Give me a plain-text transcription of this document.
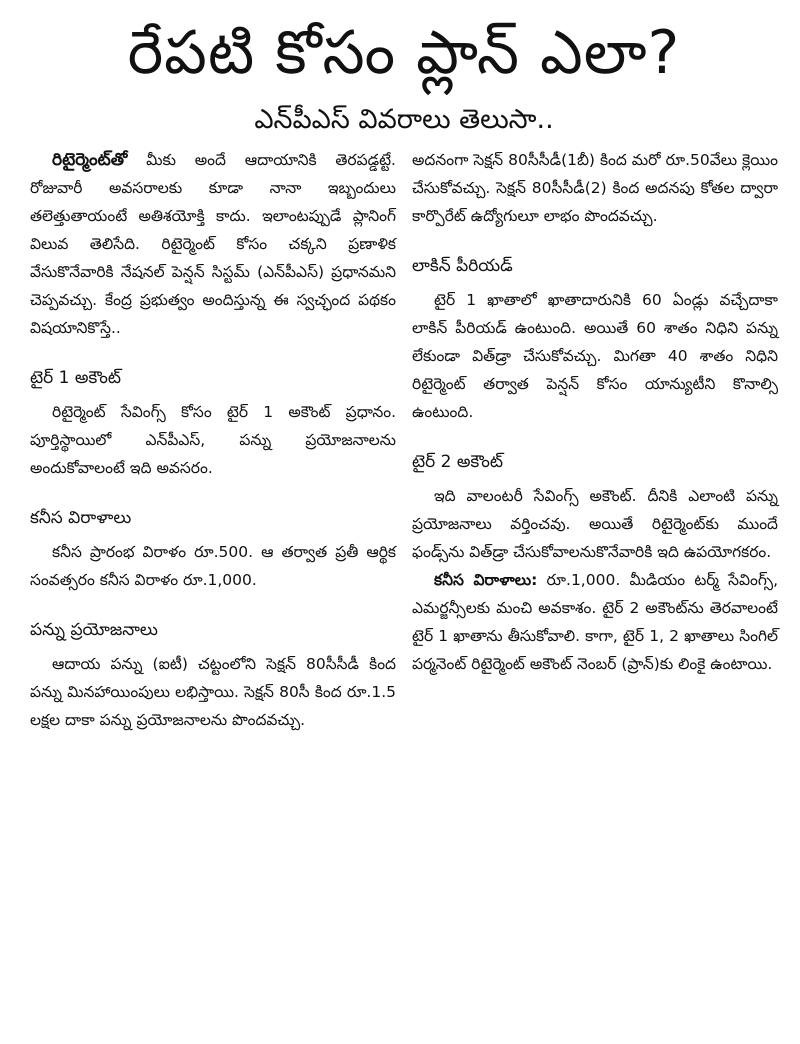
రేపటి కోసం ప్లాన్ ఎలా?
ఎన్‌పీఎస్ వివరాలు తెలుసా..

రిటైర్మెంట్‌తో మీకు అందే ఆదాయానికి తెరపడ్డట్టే. రోజువారీ అవసరాలకు కూడా నానా ఇబ్బందులు తలెత్తుతాయంటే అతిశయోక్తి కాదు. ఇలాంటప్పుడే ప్లానింగ్ విలువ తెలిసేది. రిటైర్మెంట్ కోసం చక్కని ప్రణాళిక వేసుకొనేవారికి నేషనల్ పెన్షన్ సిస్టమ్ (ఎన్‌పీఎస్) ప్రధానమని చెప్పవచ్చు. కేంద్ర ప్రభుత్వం అందిస్తున్న ఈ స్వచ్ఛంద పథకం విషయానికొస్తే..

టైర్ 1 అకౌంట్

రిటైర్మెంట్ సేవింగ్స్ కోసం టైర్ 1 అకౌంట్ ప్రధానం. పూర్తిస్థాయిలో ఎన్‌పీఎస్, పన్ను ప్రయోజనాలను అందుకోవాలంటే ఇది అవసరం.

కనీస విరాళాలు

కనీస ప్రారంభ విరాళం రూ.500. ఆ తర్వాత ప్రతీ ఆర్థిక సంవత్సరం కనీస విరాళం రూ.1,000.

పన్ను ప్రయోజనాలు

ఆదాయ పన్ను (ఐటీ) చట్టంలోని సెక్షన్ 80సీసీడీ కింద పన్ను మినహాయింపులు లభిస్తాయి. సెక్షన్ 80సీ కింద రూ.1.5 లక్షల దాకా పన్ను ప్రయోజనాలను పొందవచ్చు.

అదనంగా సెక్షన్ 80సీసీడీ(1బీ) కింద మరో రూ.50వేలు క్లెయిం చేసుకోవచ్చు. సెక్షన్ 80సీసీడీ(2) కింద అదనపు కోతల ద్వారా కార్పొరేట్ ఉద్యోగులూ లాభం పొందవచ్చు.

లాకిన్ పీరియడ్

టైర్ 1 ఖాతాలో ఖాతాదారునికి 60 ఏండ్లు వచ్చేదాకా లాకిన్ పీరియడ్ ఉంటుంది. అయితే 60 శాతం నిధిని పన్ను లేకుండా విత్‌డ్రా చేసుకోవచ్చు. మిగతా 40 శాతం నిధిని రిటైర్మెంట్ తర్వాత పెన్షన్ కోసం యాన్యుటీని కొనాల్సి ఉంటుంది.

టైర్ 2 అకౌంట్

ఇది వాలంటరీ సేవింగ్స్ అకౌంట్. దీనికి ఎలాంటి పన్ను ప్రయోజనాలు వర్తించవు. అయితే రిటైర్మెంట్‌కు ముందే ఫండ్స్‌ను విత్‌డ్రా చేసుకోవాలనుకొనేవారికి ఇది ఉపయోగకరం.

కనీస విరాళాలు: రూ.1,000. మీడియం టర్మ్ సేవింగ్స్, ఎమర్జన్సీలకు మంచి అవకాశం. టైర్ 2 అకౌంట్‌ను తెరవాలంటే టైర్ 1 ఖాతాను తీసుకోవాలి. కాగా, టైర్ 1, 2 ఖాతాలు సింగిల్ పర్మనెంట్ రిటైర్మెంట్ అకౌంట్ నెంబర్ (ప్రాన్)కు లింకై ఉంటాయి.
